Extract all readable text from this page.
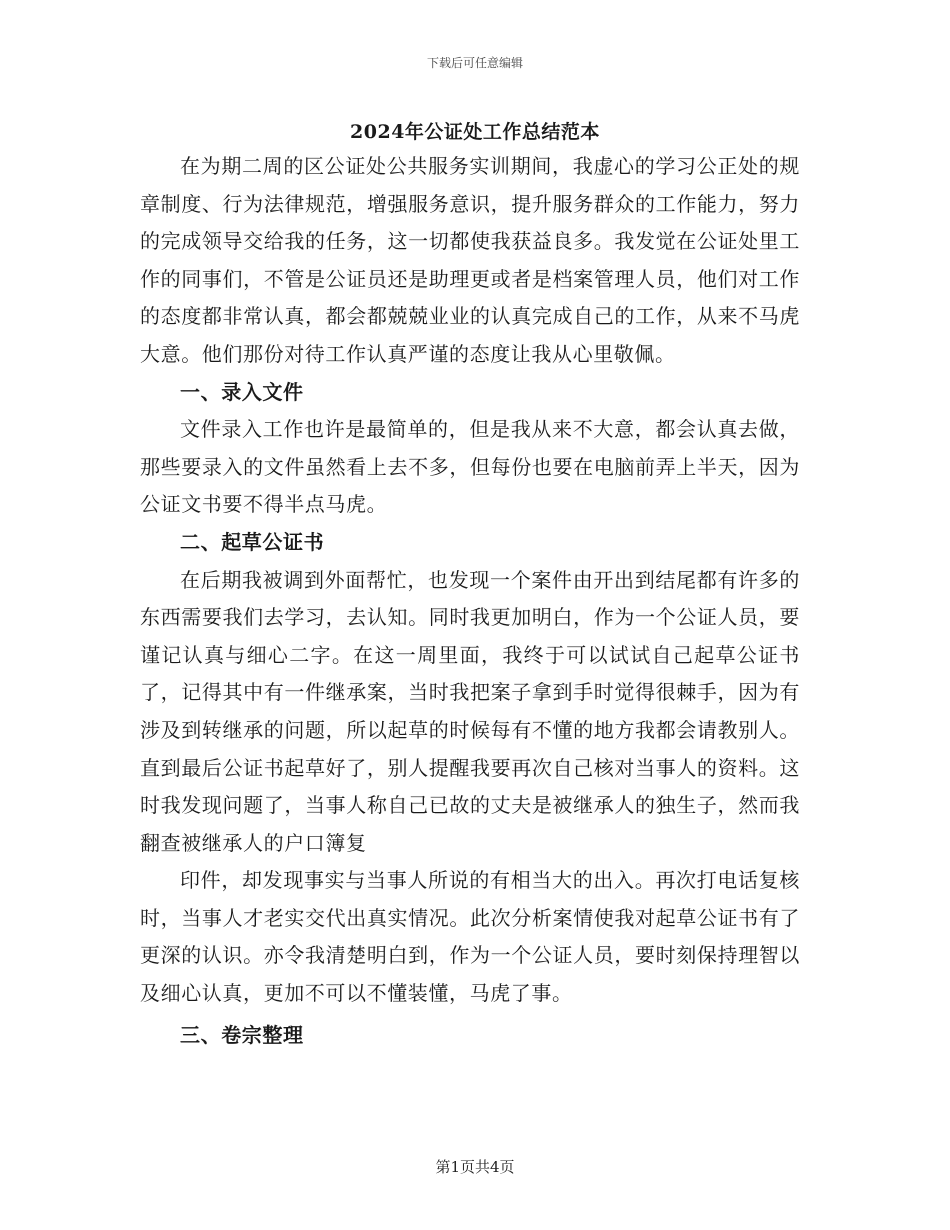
下载后可任意编辑
2024年公证处工作总结范本

在为期二周的区公证处公共服务实训期间，我虚心的学习公正处的规章制度、行为法律规范，增强服务意识，提升服务群众的工作能力，努力的完成领导交给我的任务，这一切都使我获益良多。我发觉在公证处里工作的同事们，不管是公证员还是助理更或者是档案管理人员，他们对工作的态度都非常认真，都会都兢兢业业的认真完成自己的工作，从来不马虎大意。他们那份对待工作认真严谨的态度让我从心里敬佩。

一、录入文件

文件录入工作也许是最简单的，但是我从来不大意，都会认真去做，那些要录入的文件虽然看上去不多，但每份也要在电脑前弄上半天，因为公证文书要不得半点马虎。

二、起草公证书

在后期我被调到外面帮忙，也发现一个案件由开出到结尾都有许多的东西需要我们去学习，去认知。同时我更加明白，作为一个公证人员，要谨记认真与细心二字。在这一周里面，我终于可以试试自己起草公证书了，记得其中有一件继承案，当时我把案子拿到手时觉得很棘手，因为有涉及到转继承的问题，所以起草的时候每有不懂的地方我都会请教别人。直到最后公证书起草好了，别人提醒我要再次自己核对当事人的资料。这时我发现问题了，当事人称自己已故的丈夫是被继承人的独生子，然而我翻查被继承人的户口簿复

印件，却发现事实与当事人所说的有相当大的出入。再次打电话复核时，当事人才老实交代出真实情况。此次分析案情使我对起草公证书有了更深的认识。亦令我清楚明白到，作为一个公证人员，要时刻保持理智以及细心认真，更加不可以不懂装懂，马虎了事。

三、卷宗整理
第1页共4页
